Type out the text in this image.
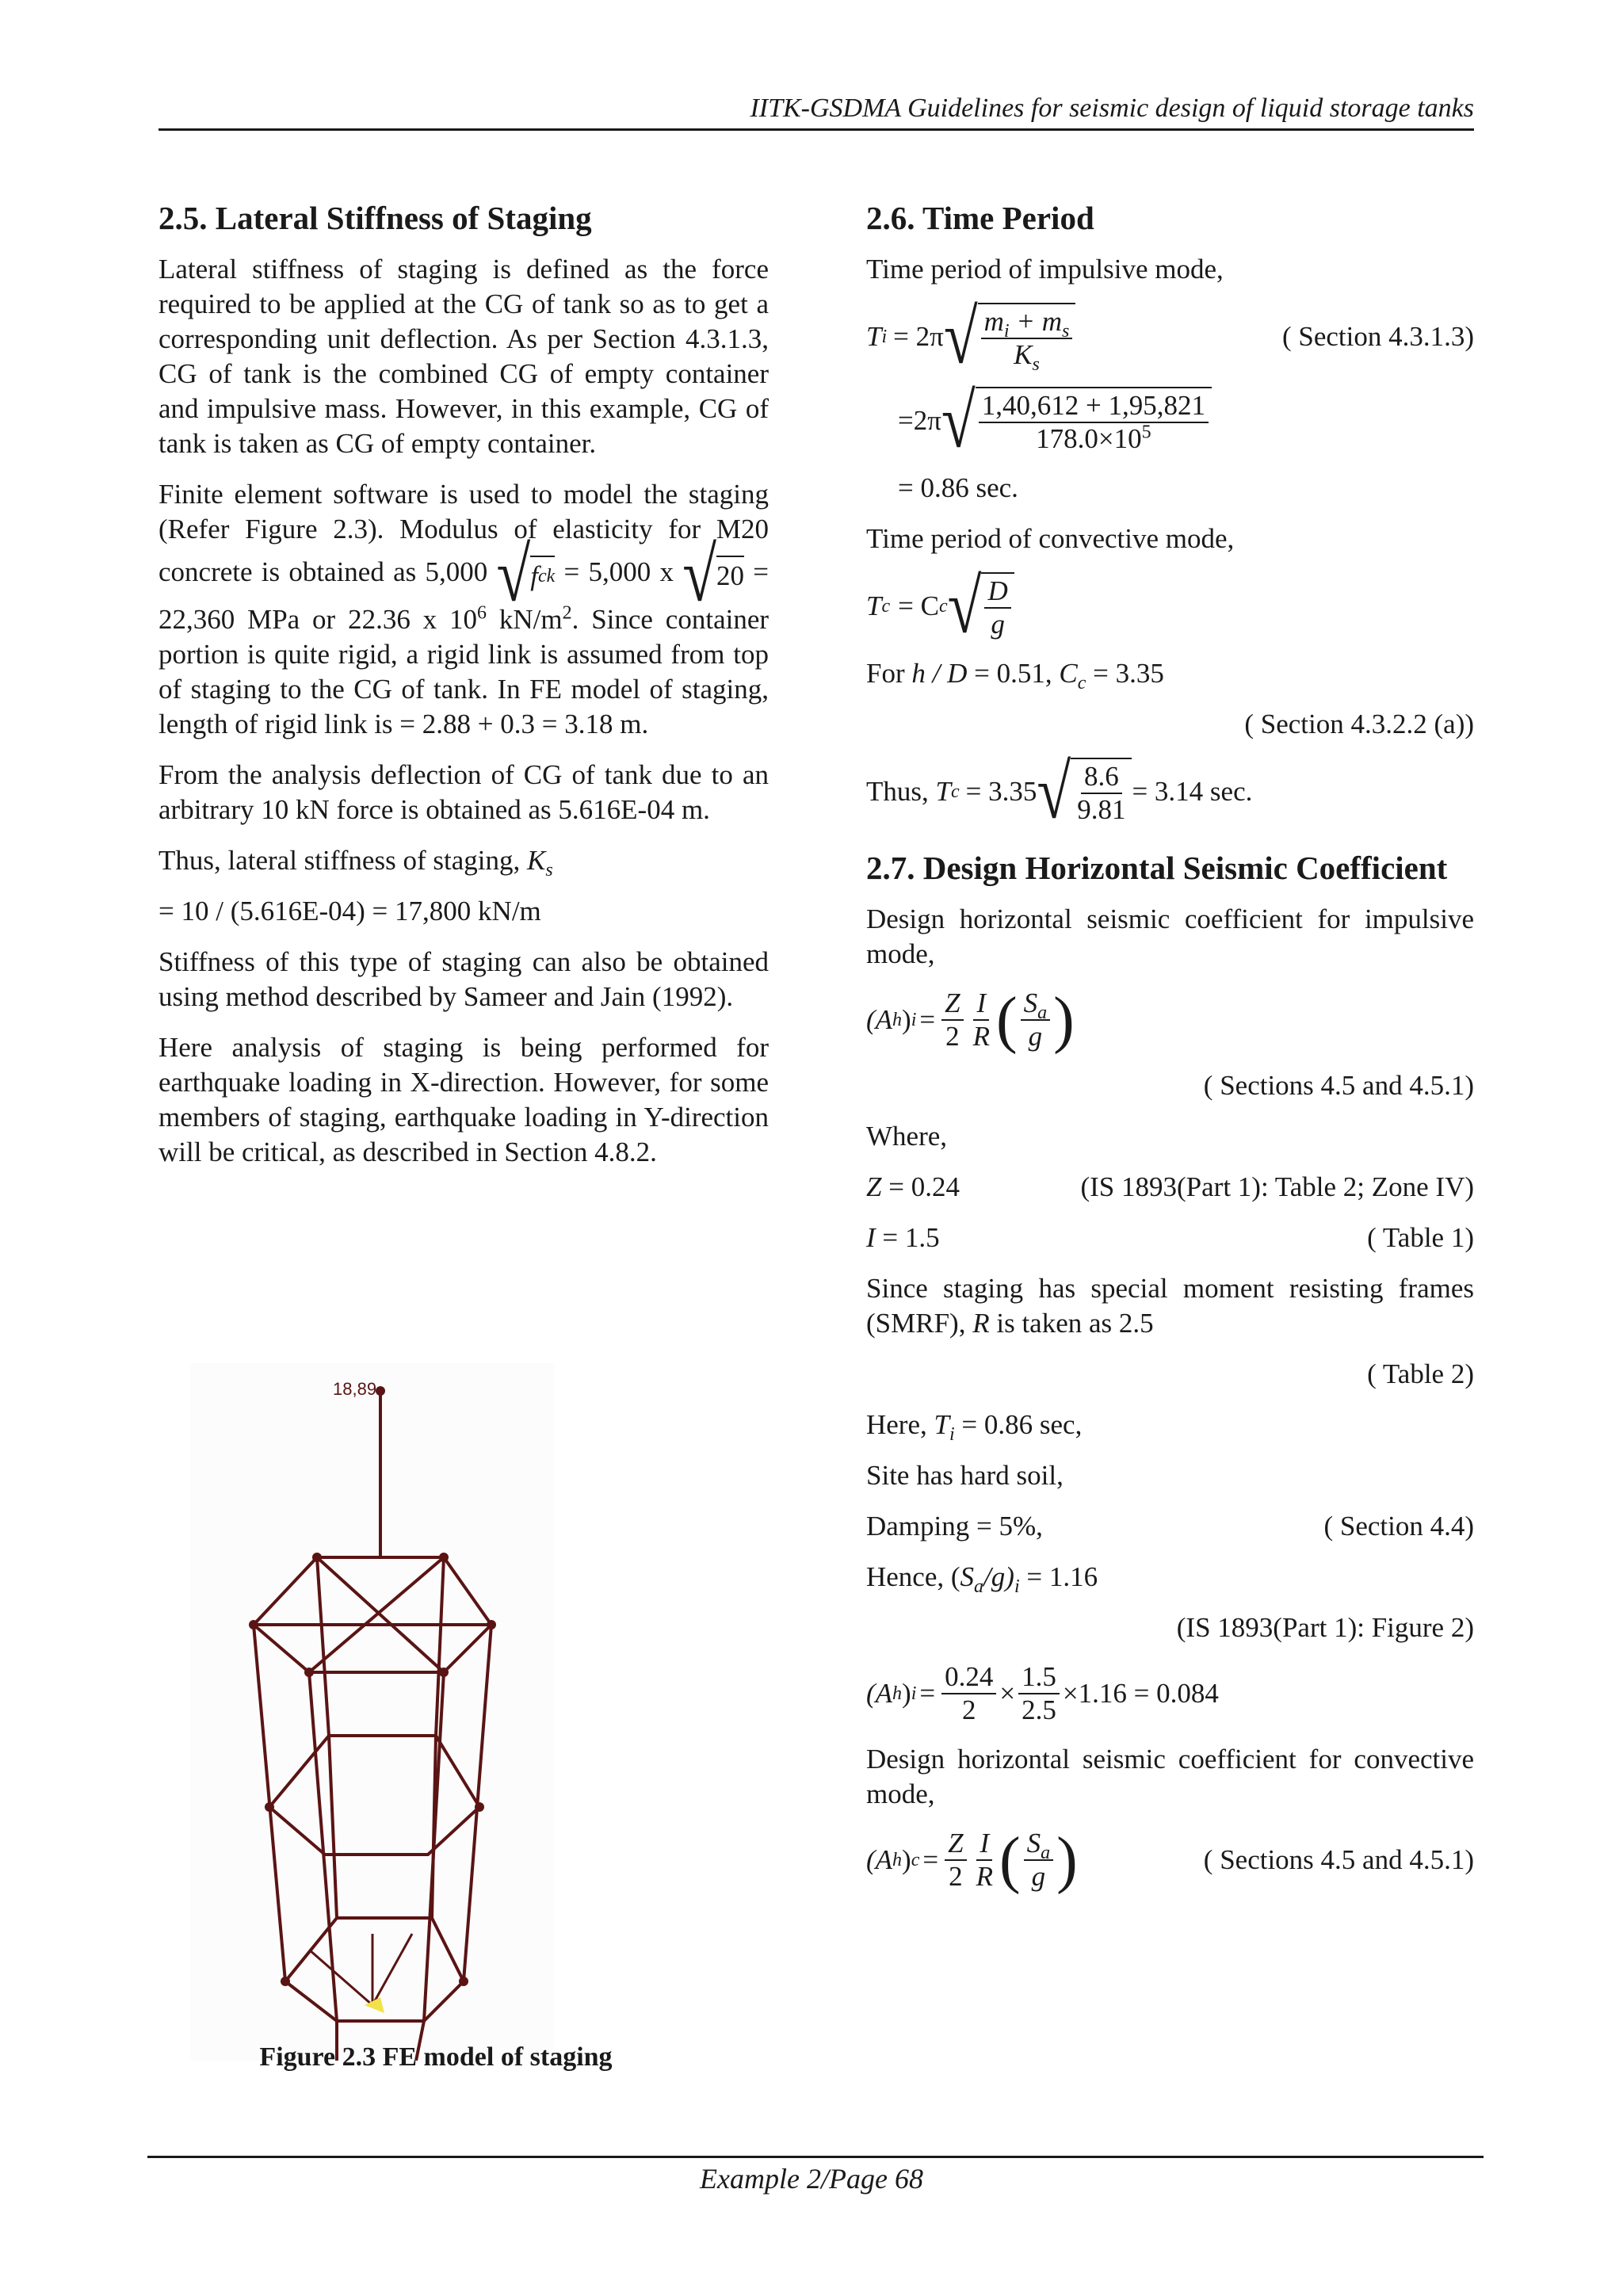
IITK-GSDMA Guidelines for seismic design of liquid storage tanks
2.5. Lateral Stiffness of Staging

Lateral stiffness of staging is defined as the force required to be applied at the CG of tank so as to get a corresponding unit deflection. As per Section 4.3.1.3, CG of tank is the combined CG of empty container and impulsive mass. However, in this example, CG of tank is taken as CG of empty container.

Finite element software is used to model the staging (Refer Figure 2.3). Modulus of elasticity for M20 concrete is obtained as 5,000 √ f ck = 5,000 x √ 20 = 22,360 MPa or 22.36 x $10^6$ $kN/m^2$. Since container portion is quite rigid, a rigid link is assumed from top of staging to the CG of tank. In FE model of staging, length of rigid link is = 2.88 + 0.3 = 3.18 m.

From the analysis deflection of CG of tank due to an arbitrary 10 kN force is obtained as 5.616E-04 m.

Thus, lateral stiffness of staging, $K_s$

= 10 / (5.616E-04) = 17,800 kN/m

Stiffness of this type of staging can also be obtained using method described by Sameer and Jain (1992).

Here analysis of staging is being performed for earthquake loading in X-direction. However, for some members of staging, earthquake loading in Y-direction will be critical, as described in Section 4.8.2.

18,89
Figure 2.3 FE model of staging
2.6. Time Period

Time period of impulsive mode,

T i = 2π √ $\frac{m_i + m_s}{K_s}$	( Section 4.3.1.3)
=2π √ $\frac{1,40,612 + 1,95,821}{178.0\times 10^5}$

= 0.86 sec.

Time period of convective mode,

T c = C c √ $\frac{D}{g}$

For h / D = 0.51, $C_c = 3.35$

( Section 4.3.2.2 (a))
Thus,
T c = 3.35 √ $\frac{8.6}{9.81} = 3.14$ sec.
2.7. Design Horizontal Seismic Coefficient

Design horizontal seismic coefficient for impulsive mode,

(A h ) $i = \frac{Z}{2} \frac{I}{R}$ ( $\frac{S_a}{g}$ )
( Sections 4.5 and 4.5.1)

Where,

Z = 0.24	(IS 1893(Part 1): Table 2; Zone IV)
I = 1.5	( Table 1)

Since staging has special moment resisting frames (SMRF), R is taken as 2.5

( Table 2)

Here, $T_i = 0.86$ sec,

Site has hard soil,

Damping = 5%,	( Section 4.4)

Hence, $(S_a/g)_i = 1.16$

(IS 1893(Part 1): Figure 2)
(A h ) $i = \frac{0.24}{2} \times \frac{1.5}{2.5} \times 1.16 = 0.084$

Design horizontal seismic coefficient for convective mode,

(A h ) $c = \frac{Z}{2} \frac{I}{R}$ ( $\frac{S_a}{g}$ )	( Sections 4.5 and 4.5.1)
Example 2/Page 68
